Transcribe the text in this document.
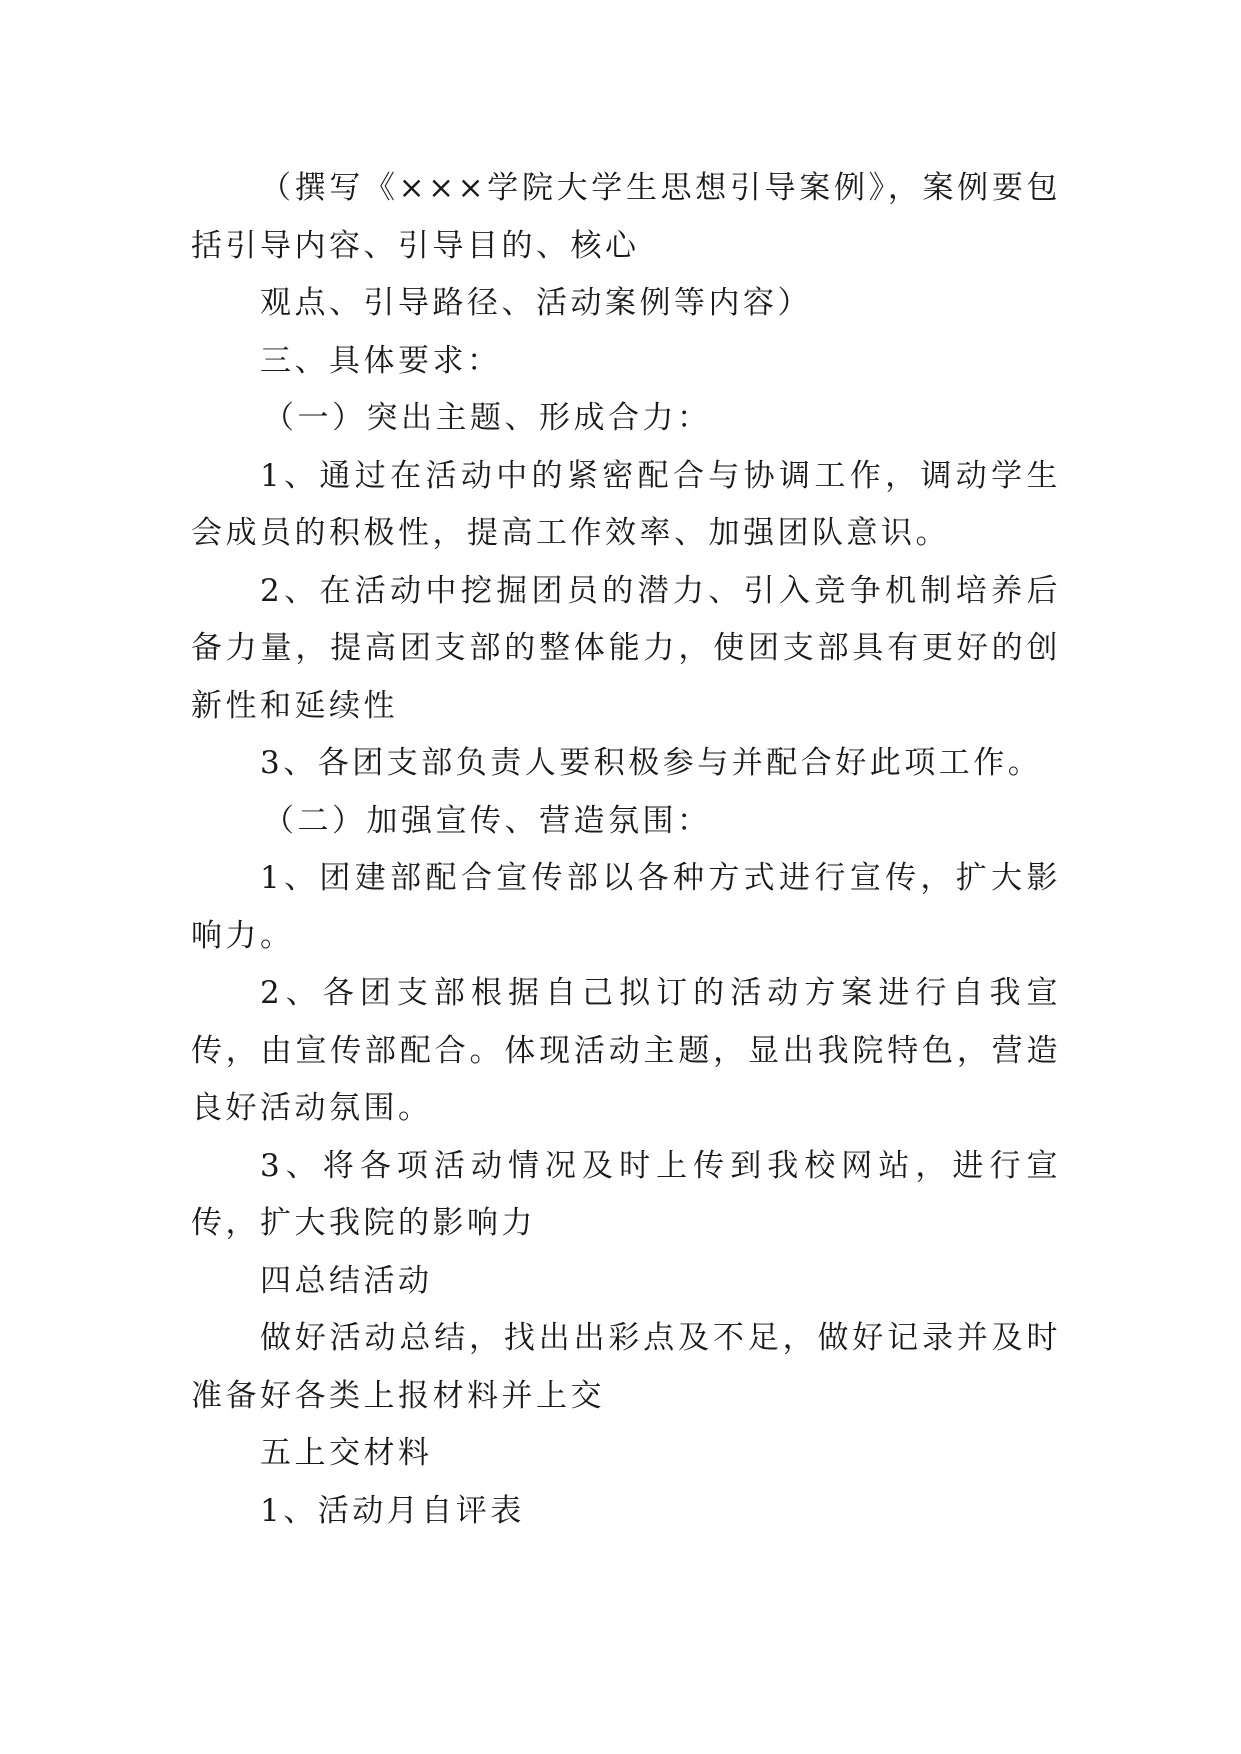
（撰写《×××学院大学生思想引导案例》，案例要包括引导内容、引导目的、核心

观点、引导路径、活动案例等内容）

三、具体要求：

（一）突出主题、形成合力：

1、通过在活动中的紧密配合与协调工作，调动学生会成员的积极性，提高工作效率、加强团队意识。

2、在活动中挖掘团员的潜力、引入竞争机制培养后备力量，提高团支部的整体能力，使团支部具有更好的创新性和延续性

3、各团支部负责人要积极参与并配合好此项工作。

（二）加强宣传、营造氛围：

1、团建部配合宣传部以各种方式进行宣传，扩大影响力。

2、各团支部根据自己拟订的活动方案进行自我宣传，由宣传部配合。体现活动主题，显出我院特色，营造良好活动氛围。

3、将各项活动情况及时上传到我校网站，进行宣传，扩大我院的影响力

四总结活动

做好活动总结，找出出彩点及不足，做好记录并及时准备好各类上报材料并上交

五上交材料

1、活动月自评表
